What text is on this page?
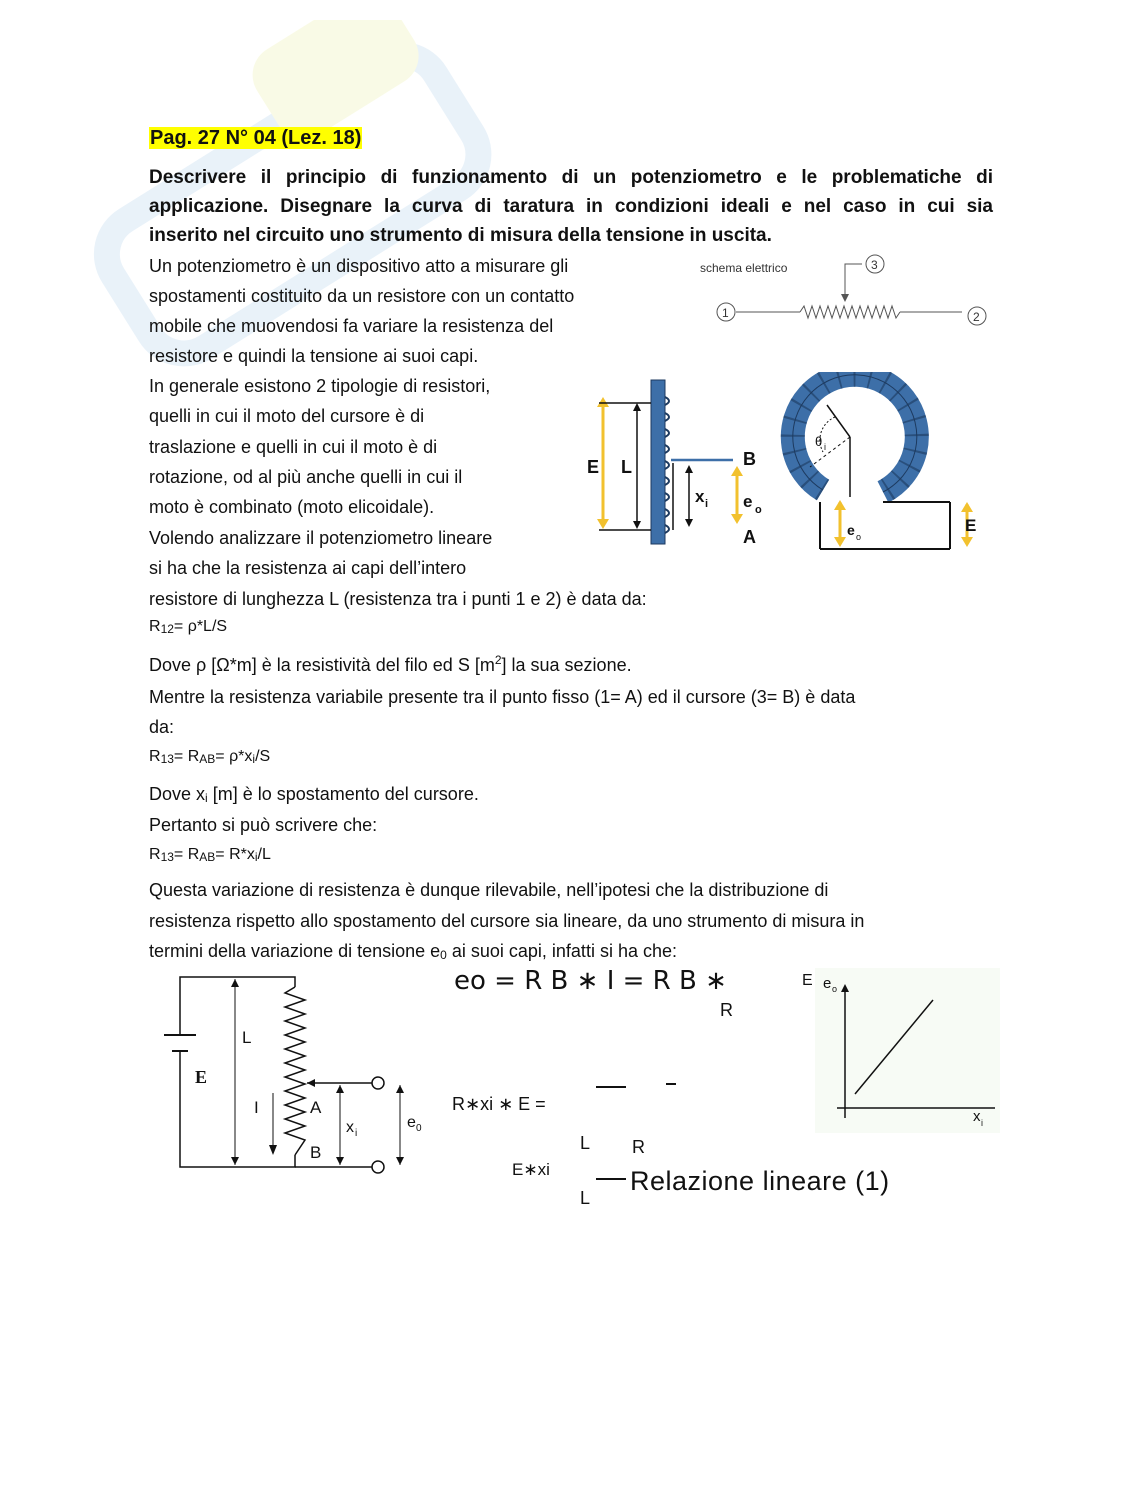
Pag. 27 N° 04 (Lez. 18)
Descrivere il principio di funzionamento di un potenziometro e le problematiche di
applicazione. Disegnare la curva di taratura in condizioni ideali e nel caso in cui sia
inserito nel circuito uno strumento di misura della tensione in uscita.
Un potenziometro è un dispositivo atto a misurare gli
spostamenti costituito da un resistore con un contatto
mobile che muovendosi fa variare la resistenza del
resistore e quindi la tensione ai suoi capi.
In generale esistono 2 tipologie di resistori,
quelli in cui il moto del cursore è di
traslazione e quelli in cui il moto è di
rotazione, od al più anche quelli in cui il
moto è combinato (moto elicoidale).
Volendo analizzare il potenziometro lineare
si ha che la resistenza ai capi dell’intero
resistore di lunghezza L (resistenza tra i punti 1 e 2) è data da:
$R_{12}= \rho*L/S$
Dove ρ [Ω*m] è la resistività del filo ed S $[m^2]$ la sua sezione.
Mentre la resistenza variabile presente tra il punto fisso (1= A) ed il cursore (3= B) è data
da:
$R_{13}= R_{AB}= \rho*x_i/S$
Dove $x_i$ [m] è lo spostamento del cursore.
Pertanto si può scrivere che:
$R_{13}= R_{AB}= R*x_i/L$
Questa variazione di resistenza è dunque rilevabile, nell’ipotesi che la distribuzione di
resistenza rispetto allo spostamento del cursore sia lineare, da uno strumento di misura in
termini della variazione di tensione $e_0$ ai suoi capi, infatti si ha che:
eo = R B ∗ I = R B ∗	E
R
R∗xi ∗ E =
L R
E∗xi
L
Relazione lineare (1)
schema elettrico
1	2
3
E L	B
A
x i e o
θ i
e o
E
E
L
I	A
B
x i
e 0
e o
x i
